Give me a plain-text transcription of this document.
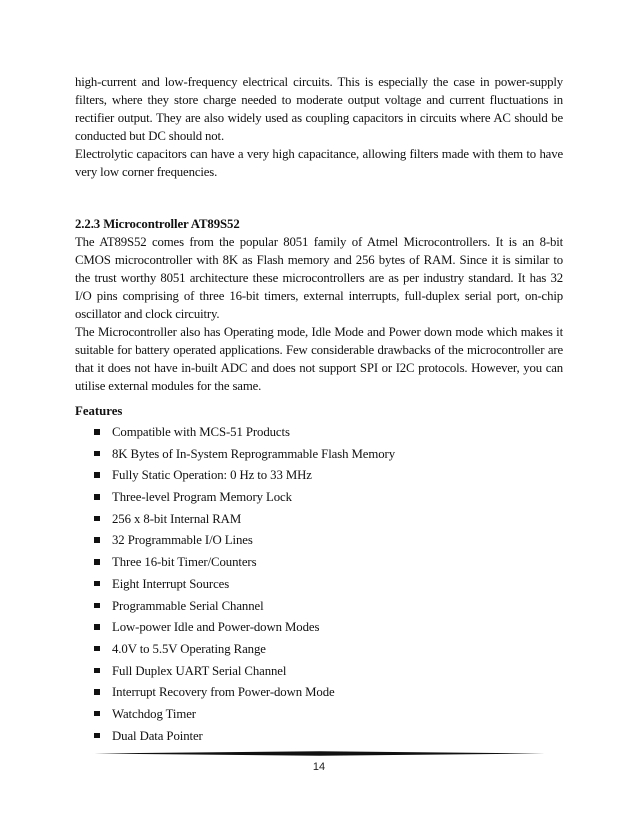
high-current and low-frequency electrical circuits. This is especially the case in power-supply filters, where they store charge needed to moderate output voltage and current fluctuations in rectifier output. They are also widely used as coupling capacitors in circuits where AC should be conducted but DC should not.

Electrolytic capacitors can have a very high capacitance, allowing filters made with them to have very low corner frequencies.

2.2.3 Microcontroller AT89S52

The AT89S52 comes from the popular 8051 family of Atmel Microcontrollers. It is an 8-bit CMOS microcontroller with 8K as Flash memory and 256 bytes of RAM. Since it is similar to the trust worthy 8051 architecture these microcontrollers are as per industry standard. It has 32 I/O pins comprising of three 16-bit timers, external interrupts, full-duplex serial port, on-chip oscillator and clock circuitry.

The Microcontroller also has Operating mode, Idle Mode and Power down mode which makes it suitable for battery operated applications. Few considerable drawbacks of the microcontroller are that it does not have in-built ADC and does not support SPI or I2C protocols. However, you can utilise external modules for the same.

Features
Compatible with MCS-51 Products
8K Bytes of In-System Reprogrammable Flash Memory
Fully Static Operation: 0 Hz to 33 MHz
Three-level Program Memory Lock
256 x 8-bit Internal RAM
32 Programmable I/O Lines
Three 16-bit Timer/Counters
Eight Interrupt Sources
Programmable Serial Channel
Low-power Idle and Power-down Modes
4.0V to 5.5V Operating Range
Full Duplex UART Serial Channel
Interrupt Recovery from Power-down Mode
Watchdog Timer
Dual Data Pointer
14
